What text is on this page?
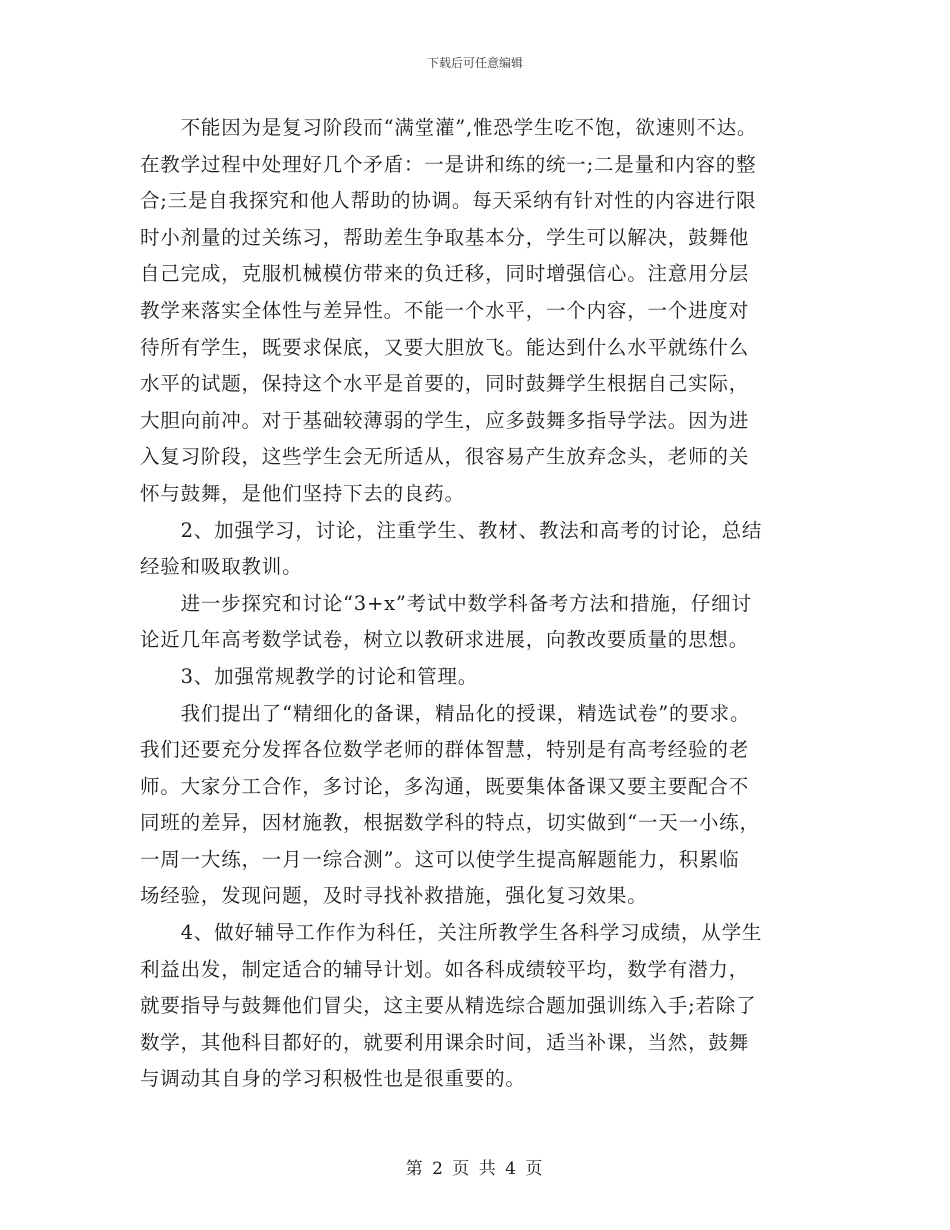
下载后可任意编辑
　　不能因为是复习阶段而“满堂灌”,惟恐学生吃不饱，欲速则不达。
在教学过程中处理好几个矛盾：一是讲和练的统一;二是量和内容的整
合;三是自我探究和他人帮助的协调。每天采纳有针对性的内容进行限
时小剂量的过关练习，帮助差生争取基本分，学生可以解决，鼓舞他
自己完成，克服机械模仿带来的负迁移，同时增强信心。注意用分层
教学来落实全体性与差异性。不能一个水平，一个内容，一个进度对
待所有学生，既要求保底，又要大胆放飞。能达到什么水平就练什么
水平的试题，保持这个水平是首要的，同时鼓舞学生根据自己实际，
大胆向前冲。对于基础较薄弱的学生，应多鼓舞多指导学法。因为进
入复习阶段，这些学生会无所适从，很容易产生放弃念头，老师的关
怀与鼓舞，是他们坚持下去的良药。
　　2、加强学习，讨论，注重学生、教材、教法和高考的讨论，总结
经验和吸取教训。
　　进一步探究和讨论“3+x”考试中数学科备考方法和措施，仔细讨
论近几年高考数学试卷，树立以教研求进展，向教改要质量的思想。
　　3、加强常规教学的讨论和管理。
　　我们提出了“精细化的备课，精品化的授课，精选试卷”的要求。
我们还要充分发挥各位数学老师的群体智慧，特别是有高考经验的老
师。大家分工合作，多讨论，多沟通，既要集体备课又要主要配合不
同班的差异，因材施教，根据数学科的特点，切实做到“一天一小练，
一周一大练，一月一综合测”。这可以使学生提高解题能力，积累临
场经验，发现问题，及时寻找补救措施，强化复习效果。
　　4、做好辅导工作作为科任，关注所教学生各科学习成绩，从学生
利益出发，制定适合的辅导计划。如各科成绩较平均，数学有潜力，
就要指导与鼓舞他们冒尖，这主要从精选综合题加强训练入手;若除了
数学，其他科目都好的，就要利用课余时间，适当补课，当然，鼓舞
与调动其自身的学习积极性也是很重要的。
第 2 页 共 4 页
